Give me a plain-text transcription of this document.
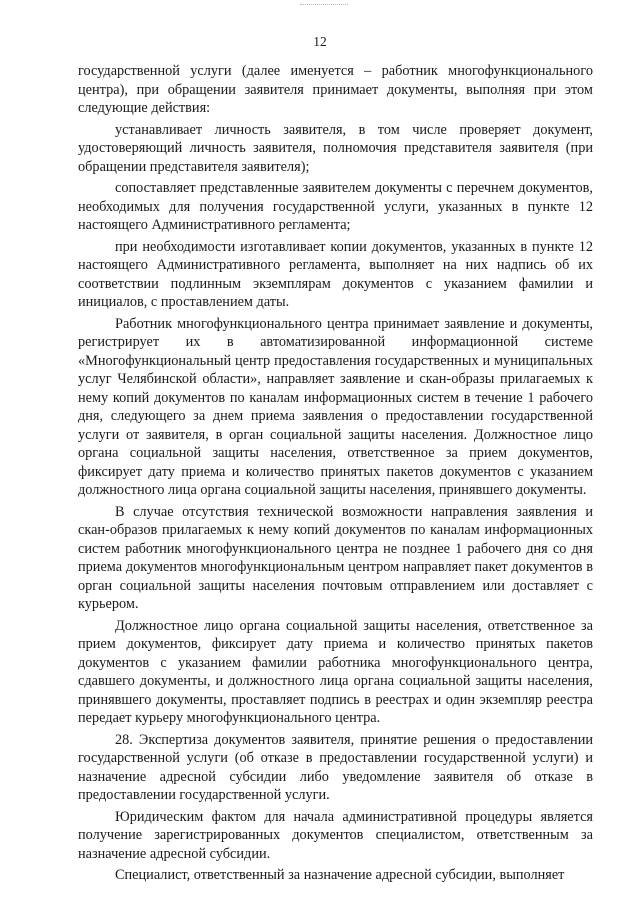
12

государственной услуги (далее именуется – работник многофункционального центра), при обращении заявителя принимает документы, выполняя при этом следующие действия:

устанавливает личность заявителя, в том числе проверяет документ, удостоверяющий личность заявителя, полномочия представителя заявителя (при обращении представителя заявителя);

сопоставляет представленные заявителем документы с перечнем документов, необходимых для получения государственной услуги, указанных в пункте 12 настоящего Административного регламента;

при необходимости изготавливает копии документов, указанных в пункте 12 настоящего Административного регламента, выполняет на них надпись об их соответствии подлинным экземплярам документов с указанием фамилии и инициалов, с проставлением даты.

Работник многофункционального центра принимает заявление и документы, регистрирует их в автоматизированной информационной системе «Многофункциональный центр предоставления государственных и муниципальных услуг Челябинской области», направляет заявление и скан-образы прилагаемых к нему копий документов по каналам информационных систем в течение 1 рабочего дня, следующего за днем приема заявления о предоставлении государственной услуги от заявителя, в орган социальной защиты населения. Должностное лицо органа социальной защиты населения, ответственное за прием документов, фиксирует дату приема и количество принятых пакетов документов с указанием должностного лица органа социальной защиты населения, принявшего документы.

В случае отсутствия технической возможности направления заявления и скан-образов прилагаемых к нему копий документов по каналам информационных систем работник многофункционального центра не позднее 1 рабочего дня со дня приема документов многофункциональным центром направляет пакет документов в орган социальной защиты населения почтовым отправлением или доставляет с курьером.

Должностное лицо органа социальной защиты населения, ответственное за прием документов, фиксирует дату приема и количество принятых пакетов документов с указанием фамилии работника многофункционального центра, сдавшего документы, и должностного лица органа социальной защиты населения, принявшего документы, проставляет подпись в реестрах и один экземпляр реестра передает курьеру многофункционального центра.

28. Экспертиза документов заявителя, принятие решения о предоставлении государственной услуги (об отказе в предоставлении государственной услуги) и назначение адресной субсидии либо уведомление заявителя об отказе в предоставлении государственной услуги.

Юридическим фактом для начала административной процедуры является получение зарегистрированных документов специалистом, ответственным за назначение адресной субсидии.

Специалист, ответственный за назначение адресной субсидии, выполняет
